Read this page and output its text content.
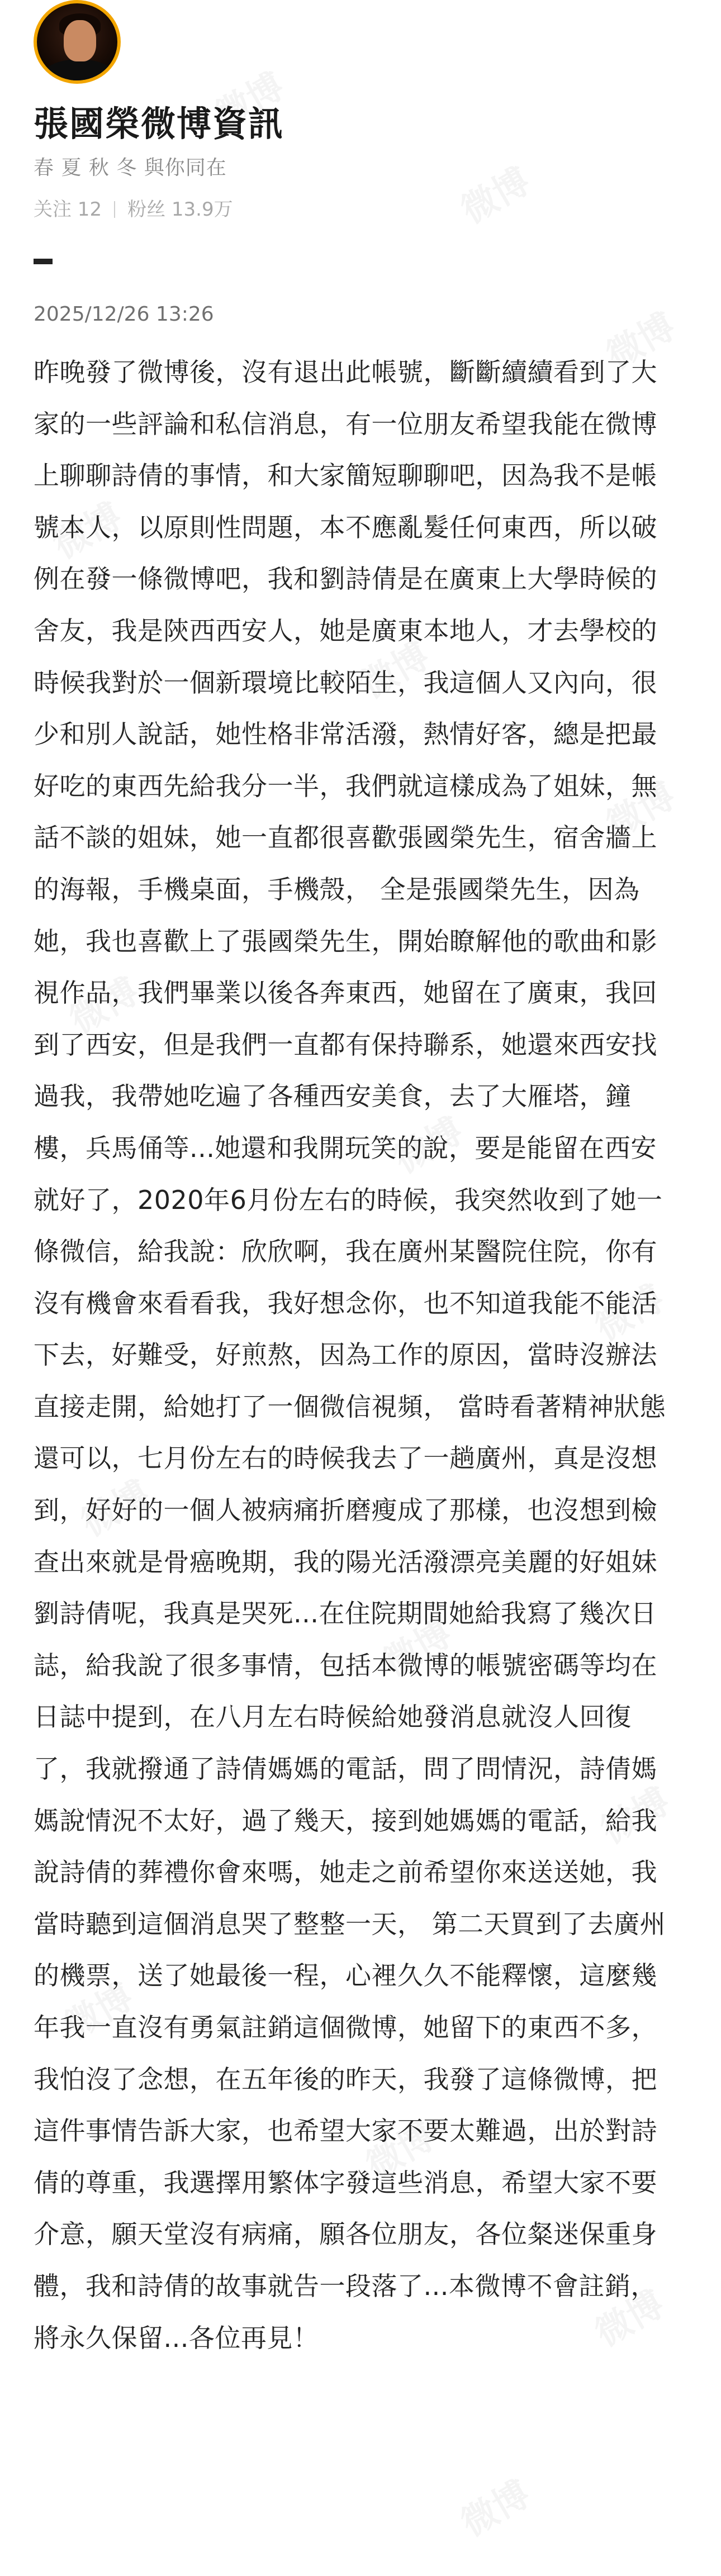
張國榮微博資訊
春 夏 秋 冬 與你同在
关注 12 粉丝 13.9万
2025/12/26 13:26
昨晚發了微博後，沒有退出此帳號，斷斷續續看到了大家的一些評論和私信消息，有一位朋友希望我能在微博上聊聊詩倩的事情，和大家簡短聊聊吧，因為我不是帳號本人，以原則性問題，本不應亂髮任何東西，所以破例在發一條微博吧，我和劉詩倩是在廣東上大學時候的舍友，我是陝西西安人，她是廣東本地人，才去學校的時候我對於一個新環境比較陌生，我這個人又內向，很少和別人說話，她性格非常活潑，熱情好客，總是把最好吃的東西先給我分一半，我們就這樣成為了姐妹，無話不談的姐妹，她一直都很喜歡張國榮先生，宿舍牆上的海報，手機桌面，手機殼， 全是張國榮先生，因為她，我也喜歡上了張國榮先生，開始瞭解他的歌曲和影視作品，我們畢業以後各奔東西，她留在了廣東，我回到了西安，但是我們一直都有保持聯系，她還來西安找過我，我帶她吃遍了各種西安美食，去了大雁塔，鐘樓，兵馬俑等...她還和我開玩笑的說，要是能留在西安就好了，2020年6月份左右的時候，我突然收到了她一條微信，給我說：欣欣啊，我在廣州某醫院住院，你有沒有機會來看看我，我好想念你，也不知道我能不能活下去，好難受，好煎熬，因為工作的原因，當時沒辦法直接走開，給她打了一個微信視頻， 當時看著精神狀態還可以，七月份左右的時候我去了一趟廣州，真是沒想到，好好的一個人被病痛折磨瘦成了那樣，也沒想到檢查出來就是骨癌晚期，我的陽光活潑漂亮美麗的好姐妹劉詩倩呢，我真是哭死...在住院期間她給我寫了幾次日誌，給我說了很多事情，包括本微博的帳號密碼等均在日誌中提到，在八月左右時候給她發消息就沒人回復了，我就撥通了詩倩媽媽的電話，問了問情況，詩倩媽媽說情況不太好，過了幾天，接到她媽媽的電話，給我說詩倩的葬禮你會來嗎，她走之前希望你來送送她，我當時聽到這個消息哭了整整一天， 第二天買到了去廣州的機票，送了她最後一程，心裡久久不能釋懷，這麼幾年我一直沒有勇氣註銷這個微博，她留下的東西不多，我怕沒了念想，在五年後的昨天，我發了這條微博，把這件事情告訴大家，也希望大家不要太難過，出於對詩倩的尊重，我選擇用繁体字發這些消息，希望大家不要介意，願天堂沒有病痛，願各位朋友，各位粲迷保重身體，我和詩倩的故事就告一段落了...本微博不會註銷，將永久保留...各位再見！
